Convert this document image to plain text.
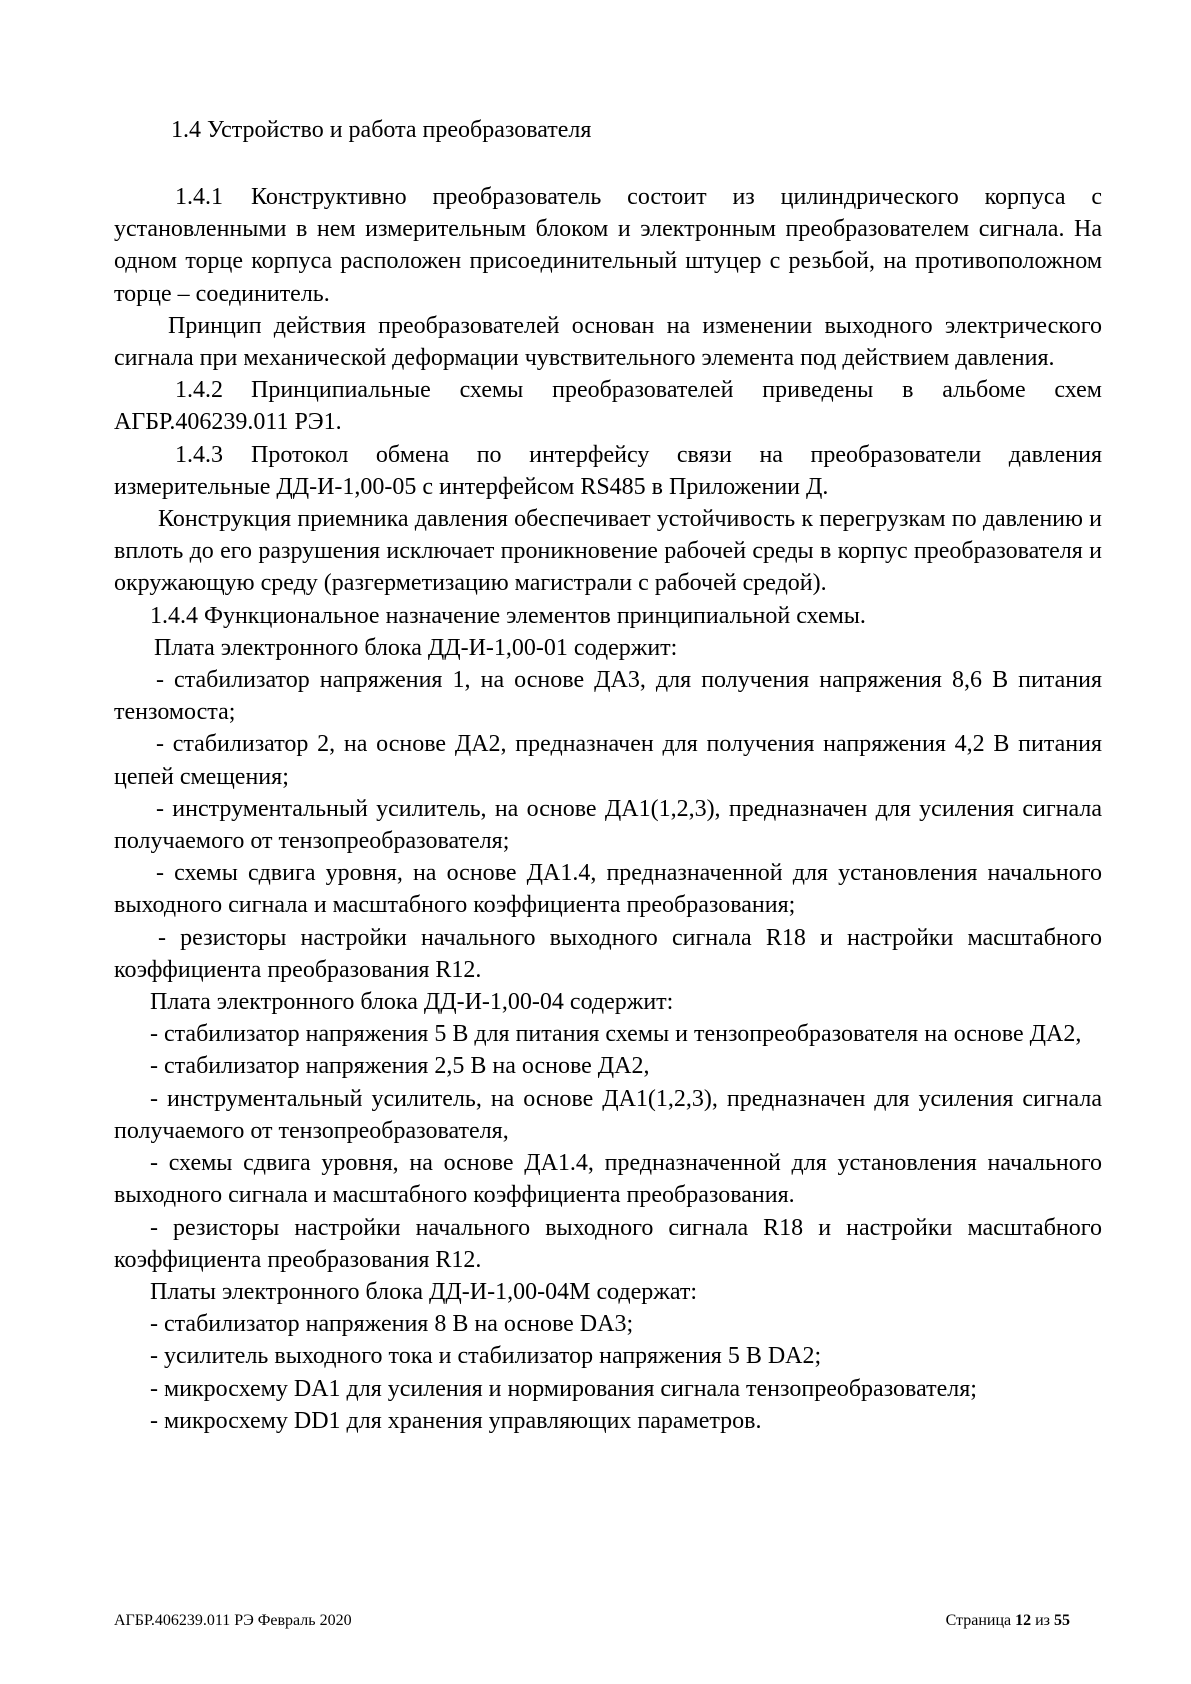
1.4 Устройство и работа преобразователя

1.4.1 Конструктивно преобразователь состоит из цилиндрического корпуса с установленными в нем измерительным блоком и электронным преобразователем сигнала. На одном торце корпуса расположен присоединительный штуцер с резьбой, на противоположном торце – соединитель.

Принцип действия преобразователей основан на изменении выходного электрического сигнала при механической деформации чувствительного элемента под действием давления.

1.4.2 Принципиальные схемы преобразователей приведены в альбоме схем АГБР.406239.011 РЭ1.

1.4.3 Протокол обмена по интерфейсу связи на преобразователи давления измерительные ДД-И-1,00-05 с интерфейсом RS485 в Приложении Д.

Конструкция приемника давления обеспечивает устойчивость к перегрузкам по давлению и вплоть до его разрушения исключает проникновение рабочей среды в корпус преобразователя и окружающую среду (разгерметизацию магистрали с рабочей средой).

1.4.4 Функциональное назначение элементов принципиальной схемы.

Плата электронного блока ДД-И-1,00-01 содержит:

- стабилизатор напряжения 1, на основе ДА3, для получения напряжения 8,6 В питания тензомоста;

- стабилизатор 2, на основе ДА2, предназначен для получения напряжения 4,2 В питания цепей смещения;

- инструментальный усилитель, на основе ДА1(1,2,3), предназначен для усиления сигнала получаемого от тензопреобразователя;

- схемы сдвига уровня, на основе ДА1.4, предназначенной для установления начального выходного сигнала и масштабного коэффициента преобразования;

- резисторы настройки начального выходного сигнала R18 и настройки масштабного коэффициента преобразования R12.

Плата электронного блока ДД-И-1,00-04 содержит:

- стабилизатор напряжения 5 В для питания схемы и тензопреобразователя на основе ДА2,

- стабилизатор напряжения 2,5 В на основе ДА2,

- инструментальный усилитель, на основе ДА1(1,2,3), предназначен для усиления сигнала получаемого от тензопреобразователя,

- схемы сдвига уровня, на основе ДА1.4, предназначенной для установления начального выходного сигнала и масштабного коэффициента преобразования.

- резисторы настройки начального выходного сигнала R18 и настройки масштабного коэффициента преобразования R12.

Платы электронного блока ДД-И-1,00-04М содержат:

- стабилизатор напряжения 8 В на основе DA3;

- усилитель выходного тока и стабилизатор напряжения 5 В DA2;

- микросхему DA1 для усиления и нормирования сигнала тензопреобразователя;

- микросхему DD1 для хранения управляющих параметров.

АГБР.406239.011 РЭ Февраль 2020	Страница 12 из 55
